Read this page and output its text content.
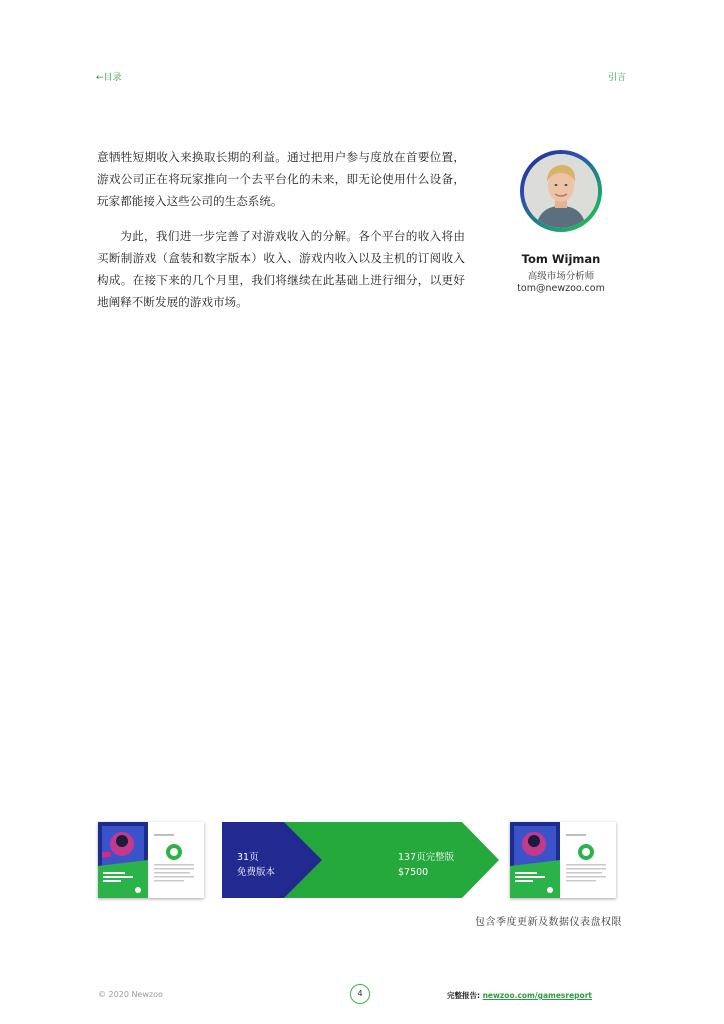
←目录	引言

意牺牲短期收入来换取长期的利益。通过把用户参与度放在首要位置，游戏公司正在将玩家推向一个去平台化的未来，即无论使用什么设备，玩家都能接入这些公司的生态系统。

为此，我们进一步完善了对游戏收入的分解。各个平台的收入将由买断制游戏（盒装和数字版本）收入、游戏内收入以及主机的订阅收入构成。在接下来的几个月里，我们将继续在此基础上进行细分，以更好地阐释不断发展的游戏市场。

Tom Wijman
高级市场分析师
tom@newzoo.com
31页
免费版本
137页完整版
$7500
包含季度更新及数据仪表盘权限
© 2020 Newzoo	4	完整报告: newzoo.com/gamesreport
